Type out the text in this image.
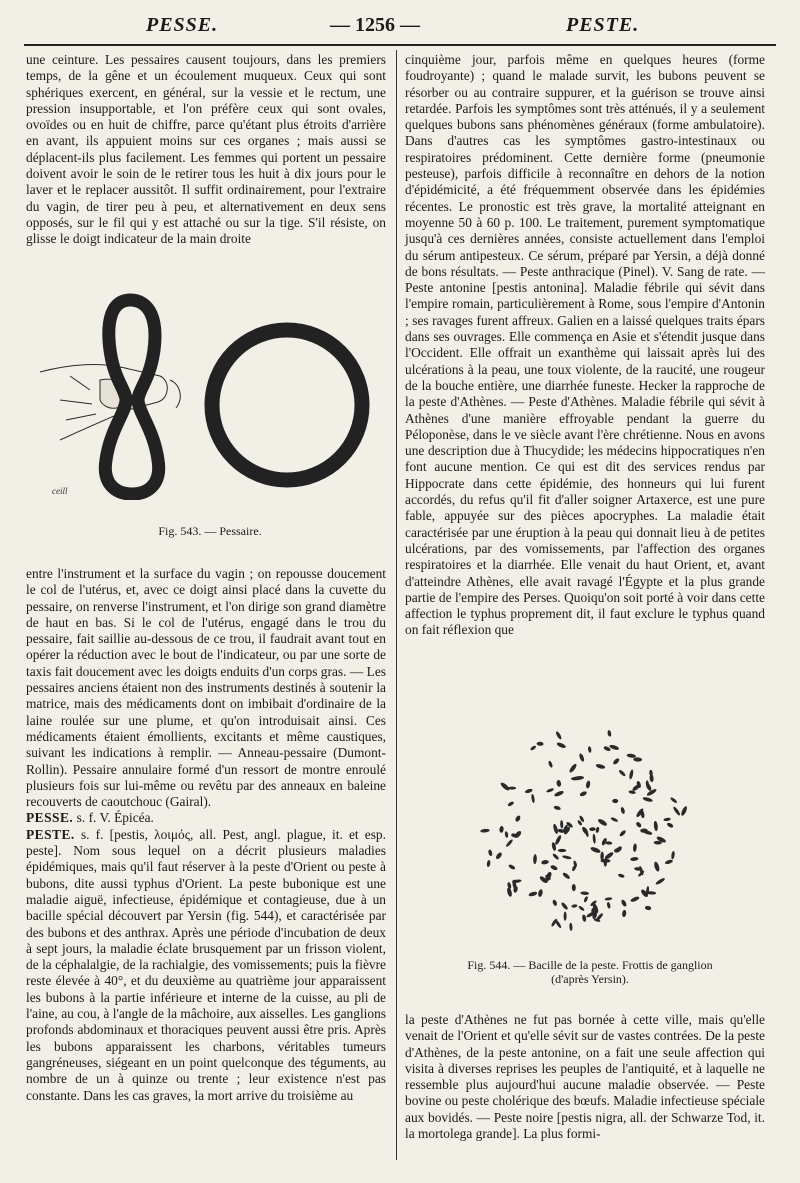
PESSE.	— 1256 —	PESTE.

une ceinture. Les pessaires causent toujours, dans les premiers temps, de la gêne et un écoulement muqueux. Ceux qui sont sphériques exercent, en général, sur la vessie et le rectum, une pression insupportable, et l'on préfère ceux qui sont ovales, ovoïdes ou en huit de chiffre, parce qu'étant plus étroits d'arrière en avant, ils appuient moins sur ces organes ; mais aussi se déplacent-ils plus facilement. Les femmes qui portent un pessaire doivent avoir le soin de le retirer tous les huit à dix jours pour le laver et le replacer aussitôt. Il suffit ordinairement, pour l'extraire du vagin, de tirer peu à peu, et alternativement en deux sens opposés, sur le fil qui y est attaché ou sur la tige. S'il résiste, on glisse le doigt indicateur de la main droite

ceill
Fig. 543. — Pessaire.

entre l'instrument et la surface du vagin ; on repousse doucement le col de l'utérus, et, avec ce doigt ainsi placé dans la cuvette du pessaire, on renverse l'instrument, et l'on dirige son grand diamètre de haut en bas. Si le col de l'utérus, engagé dans le trou du pessaire, fait saillie au-dessous de ce trou, il faudrait avant tout en opérer la réduction avec le bout de l'indicateur, ou par une sorte de taxis fait doucement avec les doigts enduits d'un corps gras. — Les pessaires anciens étaient non des instruments destinés à soutenir la matrice, mais des médicaments dont on imbibait d'ordinaire de la laine roulée sur une plume, et qu'on introduisait ainsi. Ces médicaments étaient émollients, excitants et même caustiques, suivant les indications à remplir. — Anneau-pessaire (Dumont-Rollin). Pessaire annulaire formé d'un ressort de montre enroulé plusieurs fois sur lui-même ou revêtu par des anneaux en baleine recouverts de caoutchouc (Gairal).

PESSE. s. f. V. Épicéa.

PESTE. s. f. [pestis, λοιμός, all. Pest, angl. plague, it. et esp. peste]. Nom sous lequel on a décrit plusieurs maladies épidémiques, mais qu'il faut réserver à la peste d'Orient ou peste à bubons, dite aussi typhus d'Orient. La peste bubonique est une maladie aiguë, infectieuse, épidémique et contagieuse, due à un bacille spécial découvert par Yersin (fig. 544), et caractérisée par des bubons et des anthrax. Après une période d'incubation de deux à sept jours, la maladie éclate brusquement par un frisson violent, de la céphalalgie, de la rachialgie, des vomissements; puis la fièvre reste élevée à 40°, et du deuxième au quatrième jour apparaissent les bubons à la partie inférieure et interne de la cuisse, au pli de l'aine, au cou, à l'angle de la mâchoire, aux aisselles. Les ganglions profonds abdominaux et thoraciques peuvent aussi être pris. Après les bubons apparaissent les charbons, véritables tumeurs gangréneuses, siégeant en un point quelconque des téguments, au nombre de un à quinze ou trente ; leur existence n'est pas constante. Dans les cas graves, la mort arrive du troisième au

cinquième jour, parfois même en quelques heures (forme foudroyante) ; quand le malade survit, les bubons peuvent se résorber ou au contraire suppurer, et la guérison se trouve ainsi retardée. Parfois les symptômes sont très atténués, il y a seulement quelques bubons sans phénomènes généraux (forme ambulatoire). Dans d'autres cas les symptômes gastro-intestinaux ou respiratoires prédominent. Cette dernière forme (pneumonie pesteuse), parfois difficile à reconnaître en dehors de la notion d'épidémicité, a été fréquemment observée dans les épidémies récentes. Le pronostic est très grave, la mortalité atteignant en moyenne 50 à 60 p. 100. Le traitement, purement symptomatique jusqu'à ces dernières années, consiste actuellement dans l'emploi du sérum antipesteux. Ce sérum, préparé par Yersin, a déjà donné de bons résultats. — Peste anthracique (Pinel). V. Sang de rate. — Peste antonine [pestis antonina]. Maladie fébrile qui sévit dans l'empire romain, particulièrement à Rome, sous l'empire d'Antonin ; ses ravages furent affreux. Galien en a laissé quelques traits épars dans ses ouvrages. Elle commença en Asie et s'étendit jusque dans l'Occident. Elle offrait un exanthème qui laissait après lui des ulcérations à la peau, une toux violente, de la raucité, une rougeur de la bouche entière, une diarrhée funeste. Hecker la rapproche de la peste d'Athènes. — Peste d'Athènes. Maladie fébrile qui sévit à Athènes d'une manière effroyable pendant la guerre du Péloponèse, dans le ve siècle avant l'ère chrétienne. Nous en avons une description due à Thucydide; les médecins hippocratiques n'en font aucune mention. Ce qui est dit des services rendus par Hippocrate dans cette épidémie, des honneurs qui lui furent accordés, du refus qu'il fit d'aller soigner Artaxerce, est une pure fable, appuyée sur des pièces apocryphes. La maladie était caractérisée par une éruption à la peau qui donnait lieu à de petites ulcérations, par des vomissements, par l'affection des organes respiratoires et la diarrhée. Elle venait du haut Orient, et, avant d'atteindre Athènes, elle avait ravagé l'Égypte et la plus grande partie de l'empire des Perses. Quoiqu'on soit porté à voir dans cette affection le typhus proprement dit, il faut exclure le typhus quand on fait réflexion que

Fig. 544. — Bacille de la peste. Frottis de ganglion
(d'après Yersin).

la peste d'Athènes ne fut pas bornée à cette ville, mais qu'elle venait de l'Orient et qu'elle sévit sur de vastes contrées. De la peste d'Athènes, de la peste antonine, on a fait une seule affection qui visita à diverses reprises les peuples de l'antiquité, et à laquelle ne ressemble plus aujourd'hui aucune maladie observée. — Peste bovine ou peste cholérique des bœufs. Maladie infectieuse spéciale aux bovidés. — Peste noire [pestis nigra, all. der Schwarze Tod, it. la mortolega grande]. La plus formi-
